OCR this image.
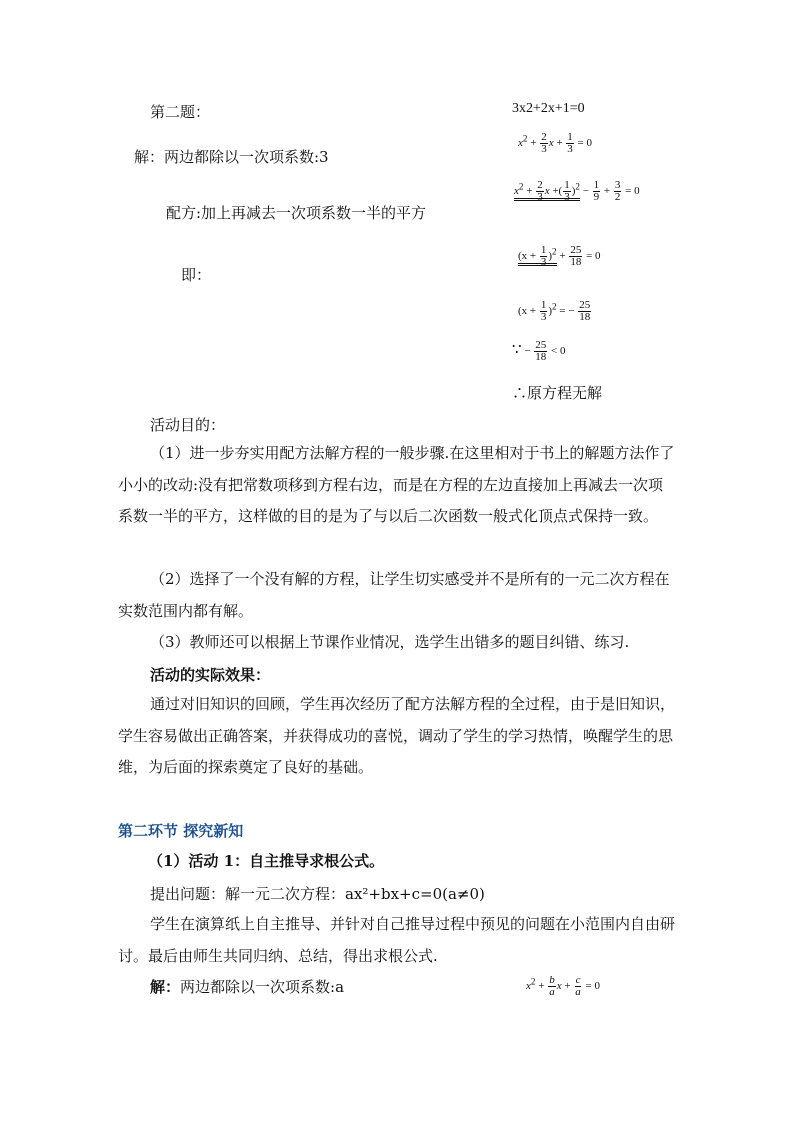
第二题：
解：两边都除以一次项系数:3
配方:加上再减去一次项系数一半的平方
即：
3x2+2x+1=0
$x^2 + \frac{2}{3}$ $x + \frac{1}{3} = 0$
$x^2 + \frac{2}{3}$ x +( $\frac{1}{3} )^2 - \frac{1}{9} + \frac{3}{2} = 0$
$(x + \frac{1}{3} )^2 + \frac{25}{18} = 0$
$(x + \frac{1}{3} )^2$ = − $\frac{25}{18}$
∵ − $\frac{25}{18} < 0$
∴原方程无解
活动目的：
（1）进一步夯实用配方法解方程的一般步骤.在这里相对于书上的解题方法作了小小的改动:没有把常数项移到方程右边，而是在方程的左边直接加上再减去一次项系数一半的平方，这样做的目的是为了与以后二次函数一般式化顶点式保持一致。
（2）选择了一个没有解的方程，让学生切实感受并不是所有的一元二次方程在实数范围内都有解。
（3）教师还可以根据上节课作业情况，选学生出错多的题目纠错、练习.
活动的实际效果：
通过对旧知识的回顾，学生再次经历了配方法解方程的全过程，由于是旧知识，学生容易做出正确答案，并获得成功的喜悦，调动了学生的学习热情，唤醒学生的思维，为后面的探索奠定了良好的基础。
第二环节 探究新知
（1）活动 1：自主推导求根公式。
提出问题：解一元二次方程：ax²+bx+c=0(a≠0)
学生在演算纸上自主推导、并针对自己推导过程中预见的问题在小范围内自由研讨。最后由师生共同归纳、总结，得出求根公式.
解：两边都除以一次项系数:a	$x^2 + \frac{b}{a}$ $x + \frac{c}{a} = 0$
